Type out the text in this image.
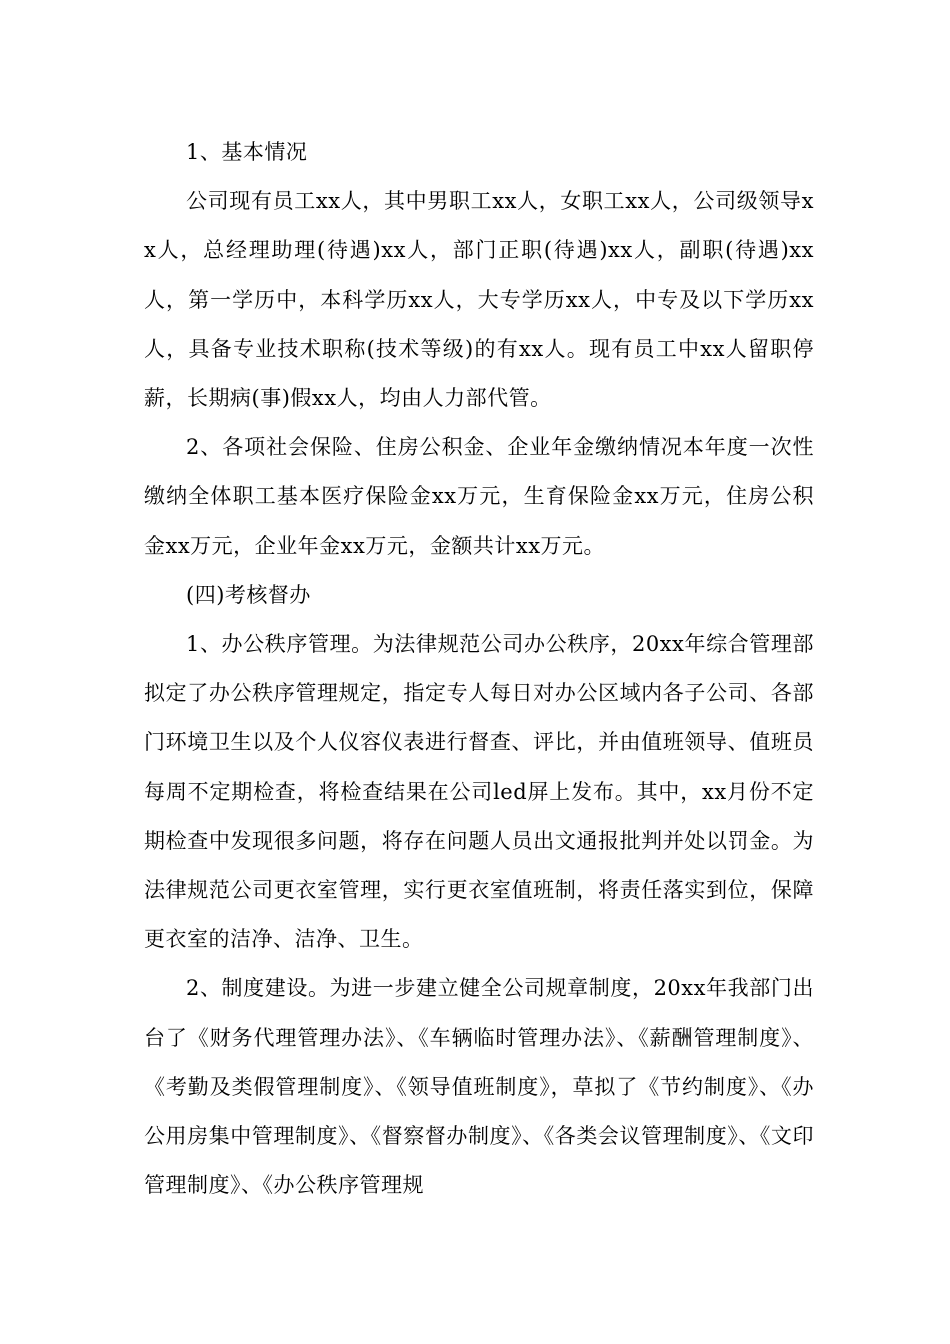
1、基本情况

公司现有员工xx人，其中男职工xx人，女职工xx人，公司级领导xx人，总经理助理(待遇)xx人，部门正职(待遇)xx人，副职(待遇)xx人，第一学历中，本科学历xx人，大专学历xx人，中专及以下学历xx人，具备专业技术职称(技术等级)的有xx人。现有员工中xx人留职停薪，长期病(事)假xx人，均由人力部代管。

2、各项社会保险、住房公积金、企业年金缴纳情况本年度一次性缴纳全体职工基本医疗保险金xx万元，生育保险金xx万元，住房公积金xx万元，企业年金xx万元，金额共计xx万元。

(四)考核督办

1、办公秩序管理。为法律规范公司办公秩序，20xx年综合管理部拟定了办公秩序管理规定，指定专人每日对办公区域内各子公司、各部门环境卫生以及个人仪容仪表进行督查、评比，并由值班领导、值班员每周不定期检查，将检查结果在公司led屏上发布。其中，xx月份不定期检查中发现很多问题，将存在问题人员出文通报批判并处以罚金。为法律规范公司更衣室管理，实行更衣室值班制，将责任落实到位，保障更衣室的洁净、洁净、卫生。

2、制度建设。为进一步建立健全公司规章制度，20xx年我部门出台了《财务代理管理办法》、《车辆临时管理办法》、《薪酬管理制度》、《考勤及类假管理制度》、《领导值班制度》，草拟了《节约制度》、《办公用房集中管理制度》、《督察督办制度》、《各类会议管理制度》、《文印管理制度》、《办公秩序管理规
